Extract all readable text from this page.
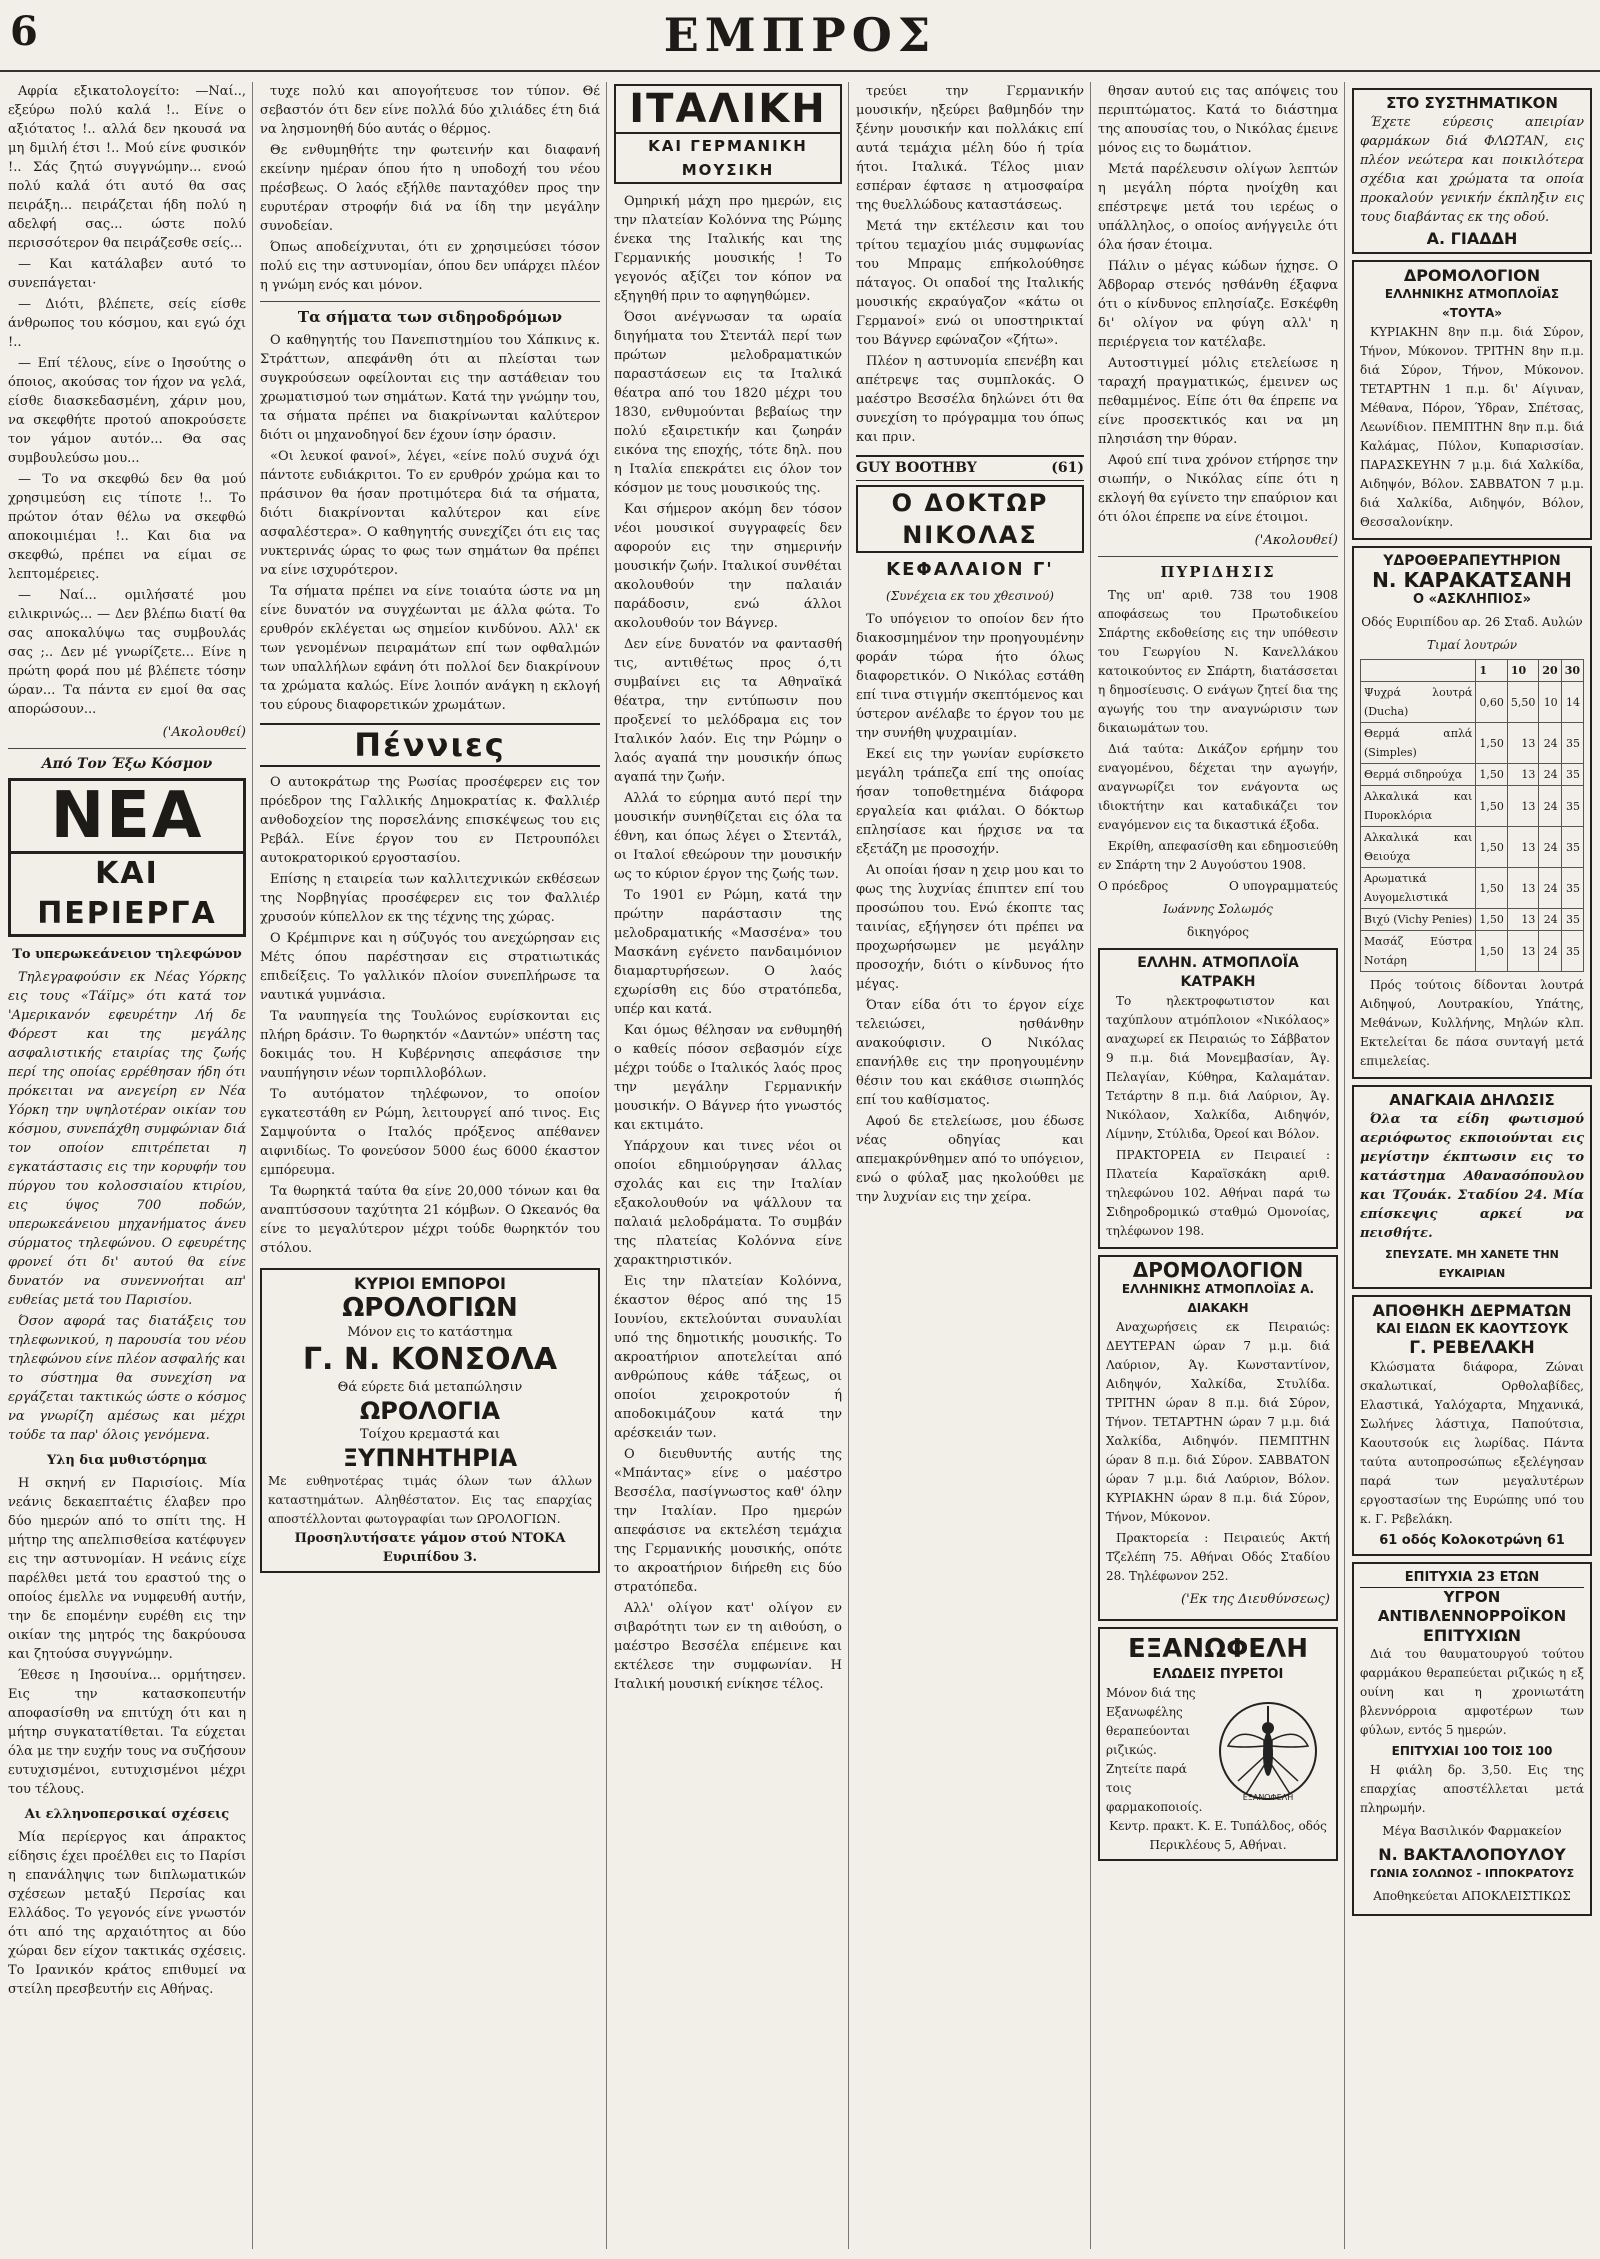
6	ΕΜΠΡΟΣ

Αφρία εξικατολογείτο: —Ναί.., εξεύρω πολύ καλά !.. Είνε ο αξιότατος !.. αλλά δεν ηκουσά να μη δμιλή έτσι !.. Μού είνε φυσικόν !.. Σάς ζητώ συγγνώμην... ενοώ πολύ καλά ότι αυτό θα σας πειράξη... πειράζεται ήδη πολύ η αδελφή σας... ώστε πολύ περισσότερον θα πειράζεσθε σείς...

— Και κατάλαβεν αυτό το συνεπάγεται·

— Διότι, βλέπετε, σείς είσθε άνθρωπος του κόσμου, και εγώ όχι !..

— Επί τέλους, είνε ο Ιησούτης ο όποιος, ακούσας τον ήχον να γελά, είσθε διασκεδασμένη, χάριν μου, να σκεφθήτε προτού αποκρούσετε τον γάμον αυτόν... Θα σας συμβουλεύσω μου...

— Το να σκεφθώ δεν θα μού χρησιμεύση εις τίποτε !.. Το πρώτον όταν θέλω να σκεφθώ αποκοιμιέμαι !.. Και δια να σκεφθώ, πρέπει να είμαι σε λεπτομέρειες.

— Ναί... ομιλήσατέ μου ειλικρινώς... — Δεν βλέπω διατί θα σας αποκαλύψω τας συμβουλάς σας ;.. Δεν μέ γνωρίζετε... Είνε η πρώτη φορά που μέ βλέπετε τόσην ώραν... Τα πάντα εν εμοί θα σας απορώσουν...

('Ακολουθεί)
Από Τον Έξω Κόσμον
ΝΕΑ
ΚΑΙ ΠΕΡΙΕΡΓΑ
Το υπερωκεάνειον τηλεφώνον

Τηλεγραφούσιν εκ Νέας Υόρκης εις τους «Τάϊμς» ότι κατά τον 'Αμερικανόν εφευρέτην Λή δε Φόρεστ και της μεγάλης ασφαλιστικής εταιρίας της ζωής περί της οποίας ερρέθησαν ήδη ότι πρόκειται να ανεγείρη εν Νέα Υόρκη την υψηλοτέραν οικίαν του κόσμου, συνεπάχθη συμφώνιαν διά τον οποίον επιτρέπεται η εγκατάστασις εις την κορυφήν του πύργου του κολοσσιαίου κτιρίου, εις ύψος 700 ποδών, υπερωκεάνειου μηχανήματος άνευ σύρματος τηλεφώνου. Ο εφευρέτης φρονεί ότι δι' αυτού θα είνε δυνατόν να συνεννοήται απ' ευθείας μετά του Παρισίου.

Όσον αφορά τας διατάξεις του τηλεφωνικού, η παρουσία του νέου τηλεφώνου είνε πλέον ασφαλής και το σύστημα θα συνεχίση να εργάζεται τακτικώς ώστε ο κόσμος να γνωρίζη αμέσως και μέχρι τούδε τα παρ' όλοις γενόμενα.

Υλη δια μυθιστόρημα

Η σκηνή εν Παρισίοις. Μία νεάνις δεκαεπταέτις έλαβεν προ δύο ημερών από το σπίτι της. Η μήτηρ της απελπισθείσα κατέφυγεν εις την αστυνομίαν. Η νεάνις είχε παρέλθει μετά του εραστού της ο οποίος έμελλε να νυμφευθή αυτήν, την δε επομένην ευρέθη εις την οικίαν της μητρός της δακρύουσα και ζητούσα συγγνώμην.

Έθεσε η Ιησουίνα... ορμήτησεν. Εις την κατασκοπευτήν αποφασίσθη να επιτύχη ότι και η μήτηρ συγκατατίθεται. Τα εύχεται όλα με την ευχήν τους να συζήσουν ευτυχισμένοι, ευτυχισμένοι μέχρι του τέλους.

Αι ελληνοπερσικαί σχέσεις

Μία περίεργος και άπρακτος είδησις έχει προέλθει εις το Παρίσι η επανάληψις των διπλωματικών σχέσεων μεταξύ Περσίας και Ελλάδος. Το γεγονός είνε γνωστόν ότι από της αρχαιότητος αι δύο χώραι δεν είχον τακτικάς σχέσεις. Το Ιρανικόν κράτος επιθυμεί να στείλη πρεσβευτήν εις Αθήνας.

τυχε πολύ και απογοήτευσε τον τύπον. Θέ σεβαστόν ότι δεν είνε πολλά δύο χιλιάδες έτη διά να λησμονηθή δύο αυτάς ο θέρμος.

Θε ενθυμηθήτε την φωτεινήν και διαφανή εκείνην ημέραν όπου ήτο η υποδοχή του νέου πρέσβεως. Ο λαός εξήλθε πανταχόθεν προς την ευρυτέραν στροφήν διά να ίδη την μεγάλην συνοδείαν.

Όπως αποδείχνυται, ότι εν χρησιμεύσει τόσον πολύ εις την αστυνομίαν, όπου δεν υπάρχει πλέον η γνώμη ενός και μόνον.

Τα σήματα των σιδηροδρόμων

Ο καθηγητής του Πανεπιστημίου του Χάπκινς κ. Στράττων, απεφάνθη ότι αι πλείσται των συγκρούσεων οφείλονται εις την αστάθειαν του χρωματισμού των σημάτων. Κατά την γνώμην του, τα σήματα πρέπει να διακρίνωνται καλύτερον διότι οι μηχανοδηγοί δεν έχουν ίσην όρασιν.

«Οι λευκοί φανοί», λέγει, «είνε πολύ συχνά όχι πάντοτε ευδιάκριτοι. Το εν ερυθρόν χρώμα και το πράσινον θα ήσαν προτιμότερα διά τα σήματα, διότι διακρίνονται καλύτερον και είνε ασφαλέστερα». Ο καθηγητής συνεχίζει ότι εις τας νυκτερινάς ώρας το φως των σημάτων θα πρέπει να είνε ισχυρότερον.

Τα σήματα πρέπει να είνε τοιαύτα ώστε να μη είνε δυνατόν να συγχέωνται με άλλα φώτα. Το ερυθρόν εκλέγεται ως σημείον κινδύνου. Αλλ' εκ των γενομένων πειραμάτων επί των οφθαλμών των υπαλλήλων εφάνη ότι πολλοί δεν διακρίνουν τα χρώματα καλώς. Είνε λοιπόν ανάγκη η εκλογή του εύρους διαφορετικών χρωμάτων.

Πέννιες

Ο αυτοκράτωρ της Ρωσίας προσέφερεν εις τον πρόεδρον της Γαλλικής Δημοκρατίας κ. Φαλλιέρ ανθοδοχείον της πορσελάνης επισκέψεως του εις Ρεβάλ. Είνε έργον του εν Πετρουπόλει αυτοκρατορικού εργοστασίου.

Επίσης η εταιρεία των καλλιτεχνικών εκθέσεων της Νορβηγίας προσέφερεν εις τον Φαλλιέρ χρυσούν κύπελλον εκ της τέχνης της χώρας.

Ο Κρέμπιρνε και η σύζυγός του ανεχώρησαν εις Μέτς όπου παρέστησαν εις στρατιωτικάς επιδείξεις. Το γαλλικόν πλοίον συνεπλήρωσε τα ναυτικά γυμνάσια.

Τα ναυπηγεία της Τουλώνος ευρίσκονται εις πλήρη δράσιν. Το θωρηκτόν «Δαντών» υπέστη τας δοκιμάς του. Η Κυβέρνησις απεφάσισε την ναυπήγησιν νέων τορπιλλοβόλων.

Το αυτόματον τηλέφωνον, το οποίον εγκατεστάθη εν Ρώμη, λειτουργεί από τινος. Εις Σαμψούντα ο Ιταλός πρόξενος απέθανεν αιφνιδίως. Το φονεύσον 5000 έως 6000 έκαστον εμπόρευμα.

Τα θωρηκτά ταύτα θα είνε 20,000 τόνων και θα αναπτύσσουν ταχύτητα 21 κόμβων. Ο Ωκεανός θα είνε το μεγαλύτερον μέχρι τούδε θωρηκτόν του στόλου.

ΚΥΡΙΟΙ ΕΜΠΟΡΟΙ
ΩΡΟΛΟΓΙΩΝ
Μόνον εις το κατάστημα
Γ. Ν. ΚΟΝΣΟΛΑ
Θά εύρετε διά μεταπώλησιν
ΩΡΟΛΟΓΙΑ
Τοίχου κρεμαστά και
ΞΥΠΝΗΤΗΡΙΑ
Με ευθηνοτέρας τιμάς όλων των άλλων καταστημάτων. Αληθέστατον. Εις τας επαρχίας αποστέλλονται φωτογραφίαι των ΩΡΟΛΟΓΙΩΝ.
Προσηλυτήσατε γάμον στού ΝΤΟΚΑ Ευριπίδου 3.
ΙΤΑΛΙΚΗ
ΚΑΙ ΓΕΡΜΑΝΙΚΗ ΜΟΥΣΙΚΗ

Ομηρική μάχη προ ημερών, εις την πλατείαν Κολόννα της Ρώμης ένεκα της Ιταλικής και της Γερμανικής μουσικής ! Το γεγονός αξίζει τον κόπον να εξηγηθή πριν το αφηγηθώμεν.

Όσοι ανέγνωσαν τα ωραία διηγήματα του Στεντάλ περί των πρώτων μελοδραματικών παραστάσεων εις τα Ιταλικά θέατρα από του 1820 μέχρι του 1830, ενθυμούνται βεβαίως την πολύ εξαιρετικήν και ζωηράν εικόνα της εποχής, τότε δηλ. που η Ιταλία επεκράτει εις όλον τον κόσμον με τους μουσικούς της.

Και σήμερον ακόμη δεν τόσον νέοι μουσικοί συγγραφείς δεν αφορούν εις την σημερινήν μουσικήν ζωήν. Ιταλικοί συνθέται ακολουθούν την παλαιάν παράδοσιν, ενώ άλλοι ακολουθούν τον Βάγνερ.

Δεν είνε δυνατόν να φαντασθή τις, αντιθέτως προς ό,τι συμβαίνει εις τα Αθηναϊκά θέατρα, την εντύπωσιν που προξενεί το μελόδραμα εις τον Ιταλικόν λαόν. Εις την Ρώμην ο λαός αγαπά την μουσικήν όπως αγαπά την ζωήν.

Αλλά το εύρημα αυτό περί την μουσικήν συνηθίζεται εις όλα τα έθνη, και όπως λέγει ο Στεντάλ, οι Ιταλοί εθεώρουν την μουσικήν ως το κύριον έργον της ζωής των.

Το 1901 εν Ρώμη, κατά την πρώτην παράστασιν της μελοδραματικής «Μασσένα» του Μασκάνη εγένετο πανδαιμόνιον διαμαρτυρήσεων. Ο λαός εχωρίσθη εις δύο στρατόπεδα, υπέρ και κατά.

Και όμως θέλησαν να ενθυμηθή ο καθείς πόσον σεβασμόν είχε μέχρι τούδε ο Ιταλικός λαός προς την μεγάλην Γερμανικήν μουσικήν. Ο Βάγνερ ήτο γνωστός και εκτιμάτο.

Υπάρχουν και τινες νέοι οι οποίοι εδημιούργησαν άλλας σχολάς και εις την Ιταλίαν εξακολουθούν να ψάλλουν τα παλαιά μελοδράματα. Το συμβάν της πλατείας Κολόννα είνε χαρακτηριστικόν.

Εις την πλατείαν Κολόννα, έκαστον θέρος από της 15 Ιουνίου, εκτελούνται συναυλίαι υπό της δημοτικής μουσικής. Το ακροατήριον αποτελείται από ανθρώπους κάθε τάξεως, οι οποίοι χειροκροτούν ή αποδοκιμάζουν κατά την αρέσκειάν των.

Ο διευθυντής αυτής της «Μπάντας» είνε ο μαέστρο Βεσσέλα, πασίγνωστος καθ' όλην την Ιταλίαν. Προ ημερών απεφάσισε να εκτελέση τεμάχια της Γερμανικής μουσικής, οπότε το ακροατήριον διήρεθη εις δύο στρατόπεδα.

Αλλ' ολίγον κατ' ολίγον εν σιβαρότητι των εν τη αιθούση, ο μαέστρο Βεσσέλα επέμεινε και εκτέλεσε την συμφωνίαν. Η Ιταλική μουσική ενίκησε τέλος.

τρεύει την Γερμανικήν μουσικήν, ηξεύρει βαθμηδόν την ξένην μουσικήν και πολλάκις επί αυτά τεμάχια μέλη δύο ή τρία ήτοι. Ιταλικά. Τέλος μιαν εσπέραν έφτασε η ατμοσφαίρα της θυελλώδους καταστάσεως.

Μετά την εκτέλεσιν και του τρίτου τεμαχίου μιάς συμφωνίας του Μπραμς επήκολούθησε πάταγος. Οι οπαδοί της Ιταλικής μουσικής εκραύγαζον «κάτω οι Γερμανοί» ενώ οι υποστηρικταί του Βάγνερ εφώναζον «ζήτω».

Πλέον η αστυνομία επενέβη και απέτρεψε τας συμπλοκάς. Ο μαέστρο Βεσσέλα δηλώνει ότι θα συνεχίση το πρόγραμμα του όπως και πριν.

GUY BOOTHBY	(61)
Ο ΔΟΚΤΩΡ ΝΙΚΟΛΑΣ
ΚΕΦΑΛΑΙΟΝ Γ'
(Συνέχεια εκ του χθεσινού)

Το υπόγειον το οποίον δεν ήτο διακοσμημένον την προηγουμένην φοράν τώρα ήτο όλως διαφορετικόν. Ο Νικόλας εστάθη επί τινα στιγμήν σκεπτόμενος και ύστερον ανέλαβε το έργον του με την συνήθη ψυχραιμίαν.

Εκεί εις την γωνίαν ευρίσκετο μεγάλη τράπεζα επί της οποίας ήσαν τοποθετημένα διάφορα εργαλεία και φιάλαι. Ο δόκτωρ επλησίασε και ήρχισε να τα εξετάζη με προσοχήν.

Αι οποίαι ήσαν η χειρ μου και το φως της λυχνίας έπιπτεν επί του προσώπου του. Ενώ έκοπτε τας ταινίας, εξήγησεν ότι πρέπει να προχωρήσωμεν με μεγάλην προσοχήν, διότι ο κίνδυνος ήτο μέγας.

Όταν είδα ότι το έργον είχε τελειώσει, ησθάνθην ανακούφισιν. Ο Νικόλας επανήλθε εις την προηγουμένην θέσιν του και εκάθισε σιωπηλός επί του καθίσματος.

Αφού δε ετελείωσε, μου έδωσε νέας οδηγίας και απεμακρύνθημεν από το υπόγειον, ενώ ο φύλαξ μας ηκολούθει με την λυχνίαν εις την χείρα.

θησαν αυτού εις τας απόψεις του περιπτώματος. Κατά το διάστημα της απουσίας του, ο Νικόλας έμεινε μόνος εις το δωμάτιον.

Μετά παρέλευσιν ολίγων λεπτών η μεγάλη πόρτα ηνοίχθη και επέστρεψε μετά του ιερέως ο υπάλληλος, ο οποίος ανήγγειλε ότι όλα ήσαν έτοιμα.

Πάλιν ο μέγας κώδων ήχησε. Ο Άδβοραρ στενός ησθάνθη έξαφνα ότι ο κίνδυνος επλησίαζε. Εσκέφθη δι' ολίγον να φύγη αλλ' η περιέργεια τον κατέλαβε.

Αυτοστιγμεί μόλις ετελείωσε η ταραχή πραγματικώς, έμεινεν ως πεθαμμένος. Είπε ότι θα έπρεπε να είνε προσεκτικός και να μη πλησιάση την θύραν.

Αφού επί τινα χρόνον ετήρησε την σιωπήν, ο Νικόλας είπε ότι η εκλογή θα εγίνετο την επαύριον και ότι όλοι έπρεπε να είνε έτοιμοι.

('Ακολουθεί)
ΠΥΡΙΔΗΣΙΣ

Της υπ' αριθ. 738 του 1908 αποφάσεως του Πρωτοδικείου Σπάρτης εκδοθείσης εις την υπόθεσιν του Γεωργίου Ν. Κανελλάκου κατοικούντος εν Σπάρτη, διατάσσεται η δημοσίευσις. Ο ενάγων ζητεί δια της αγωγής του την αναγνώρισιν των δικαιωμάτων του.

Διά ταύτα: Δικάζον ερήμην του εναγομένου, δέχεται την αγωγήν, αναγνωρίζει τον ενάγοντα ως ιδιοκτήτην και καταδικάζει τον εναγόμενον εις τα δικαστικά έξοδα.

Εκρίθη, απεφασίσθη και εδημοσιεύθη εν Σπάρτη την 2 Αυγούστου 1908.

Ο πρόεδρος	Ο υπογραμματεύς
Ιωάννης Σολωμός
δικηγόρος
ΕΛΛΗΝ. ΑΤΜΟΠΛΟΪΑ ΚΑΤΡΑΚΗ

Το ηλεκτροφωτιστον και ταχύπλουν ατμόπλοιον «Νικόλαος» αναχωρεί εκ Πειραιώς το Σάββατον 9 π.μ. διά Μονεμβασίαν, Άγ. Πελαγίαν, Κύθηρα, Καλαμάταν. Τετάρτην 8 π.μ. διά Λαύριον, Άγ. Νικόλαον, Χαλκίδα, Αιδηψόν, Λίμνην, Στύλιδα, Όρεοί και Βόλον.

ΠΡΑΚΤΟΡΕΙΑ εν Πειραιεί : Πλατεία Καραϊσκάκη αριθ. τηλεφώνου 102. Αθήναι παρά τω Σιδηροδρομικώ σταθμώ Ομονοίας, τηλέφωνον 198.

ΔΡΟΜΟΛΟΓΙΟΝ
ΕΛΛΗΝΙΚΗΣ ΑΤΜΟΠΛΟΪΑΣ Α. ΔΙΑΚΑΚΗ

Αναχωρήσεις εκ Πειραιώς: ΔΕΥΤΕΡΑΝ ώραν 7 μ.μ. διά Λαύριον, Άγ. Κωνσταντίνον, Αιδηψόν, Χαλκίδα, Στυλίδα. ΤΡΙΤΗΝ ώραν 8 π.μ. διά Σύρον, Τήνον. ΤΕΤΑΡΤΗΝ ώραν 7 μ.μ. διά Χαλκίδα, Αιδηψόν. ΠΕΜΠΤΗΝ ώραν 8 π.μ. διά Σύρον. ΣΑΒΒΑΤΟΝ ώραν 7 μ.μ. διά Λαύριον, Βόλον. ΚΥΡΙΑΚΗΝ ώραν 8 π.μ. διά Σύρον, Τήνον, Μύκονον.

Πρακτορεία : Πειραιεύς Ακτή Τζελέπη 75. Αθήναι Οδός Σταδίου 28. Τηλέφωνον 252.

('Εκ της Διευθύνσεως)
ΕΞΑΝΩΦΕΛΗ
ΕΛΩΔΕΙΣ ΠΥΡΕΤΟΙ
Μόνον διά της Εξανωφέλης θεραπεύονται ριζικώς. Ζητείτε παρά τοις φαρμακοποιοίς.
ΕΞΑΝΩΦΕΛΗ
Κεντρ. πρακτ. Κ. Ε. Τυπάλδος, οδός Περικλέους 5, Αθήναι.
ΣΤΟ ΣΥΣΤΗΜΑΤΙΚΟΝ

Έχετε εύρεσις απειρίαν φαρμάκων διά ΦΛΩΤΑΝ, εις πλέον νεώτερα και ποικιλότερα σχέδια και χρώματα τα οποία προκαλούν γενικήν έκπληξιν εις τους διαβάντας εκ της οδού.

Α. ΓΙΑΔΔΗ
ΔΡΟΜΟΛΟΓΙΟΝ
ΕΛΛΗΝΙΚΗΣ ΑΤΜΟΠΛΟΪΑΣ «ΤΟΥΤΑ»

ΚΥΡΙΑΚΗΝ 8ην π.μ. διά Σύρον, Τήνον, Μύκονον. ΤΡΙΤΗΝ 8ην π.μ. διά Σύρον, Τήνον, Μύκονον. ΤΕΤΑΡΤΗΝ 1 π.μ. δι' Αίγιναν, Μέθανα, Πόρον, Ύδραν, Σπέτσας, Λεωνίδιον. ΠΕΜΠΤΗΝ 8ην π.μ. διά Καλάμας, Πύλον, Κυπαρισσίαν. ΠΑΡΑΣΚΕΥΗΝ 7 μ.μ. διά Χαλκίδα, Αιδηψόν, Βόλον. ΣΑΒΒΑΤΟΝ 7 μ.μ. διά Χαλκίδα, Αιδηψόν, Βόλον, Θεσσαλονίκην.

ΥΔΡΟΘΕΡΑΠΕΥΤΗΡΙΟΝ
Ν. ΚΑΡΑΚΑΤΣΑΝΗ
Ο «ΑΣΚΛΗΠΙΟΣ»
Οδός Ευριπίδου αρ. 26 Σταδ. Αυλών
Τιμαί λουτρών
	1	10	20	30
Ψυχρά λουτρά (Ducha)	0,60	5,50	10	14
Θερμά απλά (Simples)	1,50	13	24	35
Θερμά σιδηρούχα	1,50	13	24	35
Αλκαλικά και Πυροκλόρια	1,50	13	24	35
Αλκαλικά και Θειούχα	1,50	13	24	35
Αρωματικά Αυγομελιστικά	1,50	13	24	35
Βιχύ (Vichy Penies)	1,50	13	24	35
Μασάζ Εύστρα Νοτάρη	1,50	13	24	35

Πρός τούτοις δίδονται λουτρά Αιδηψού, Λουτρακίου, Υπάτης, Μεθάνων, Κυλλήνης, Μηλών κλπ. Εκτελείται δε πάσα συνταγή μετά επιμελείας.

ΑΝΑΓΚΑΙΑ ΔΗΛΩΣΙΣ

Όλα τα είδη φωτισμού αεριόφωτος εκποιούνται εις μεγίστην έκπτωσιν εις το κατάστημα Αθανασόπουλου και Τζουάκ. Σταδίου 24. Μία επίσκεψις αρκεί να πεισθήτε.

ΣΠΕΥΣΑΤΕ. ΜΗ ΧΑΝΕΤΕ ΤΗΝ ΕΥΚΑΙΡΙΑΝ
ΑΠΟΘΗΚΗ ΔΕΡΜΑΤΩΝ
ΚΑΙ ΕΙΔΩΝ ΕΚ ΚΑΟΥΤΣΟΥΚ
Γ. ΡΕΒΕΛΑΚΗ

Κλώσματα διάφορα, Ζώναι σκαλωτικαί, Ορθολαβίδες, Ελαστικά, Υαλόχαρτα, Μηχανικά, Σωλήνες λάστιχα, Παπούτσια, Καουτσούκ εις λωρίδας. Πάντα ταύτα αυτοπροσώπως εξελέγησαν παρά των μεγαλυτέρων εργοστασίων της Ευρώπης υπό του κ. Γ. Ρεβελάκη.

61 οδός Κολοκοτρώνη 61
ΕΠΙΤΥΧΙΑ 23 ΕΤΩΝ
ΥΓΡΟΝ ΑΝΤΙΒΛΕΝΝΟΡΡΟΪΚΟΝ
ΕΠΙΤΥΧΙΩΝ

Διά του θαυματουργού τούτου φαρμάκου θεραπεύεται ριζικώς η εξ ουίνη και η χρονιωτάτη βλεννόρροια αμφοτέρων των φύλων, εντός 5 ημερών.

ΕΠΙΤΥΧΙΑΙ 100 ΤΟΙΣ 100

Η φιάλη δρ. 3,50. Εις της επαρχίας αποστέλλεται μετά πληρωμήν.

Μέγα Βασιλικόν Φαρμακείον
Ν. ΒΑΚΤΑΛΟΠΟΥΛΟΥ
ΓΩΝΙΑ ΣΟΛΩΝΟΣ - ΙΠΠΟΚΡΑΤΟΥΣ
Αποθηκεύεται ΑΠΟΚΛΕΙΣΤΙΚΩΣ
